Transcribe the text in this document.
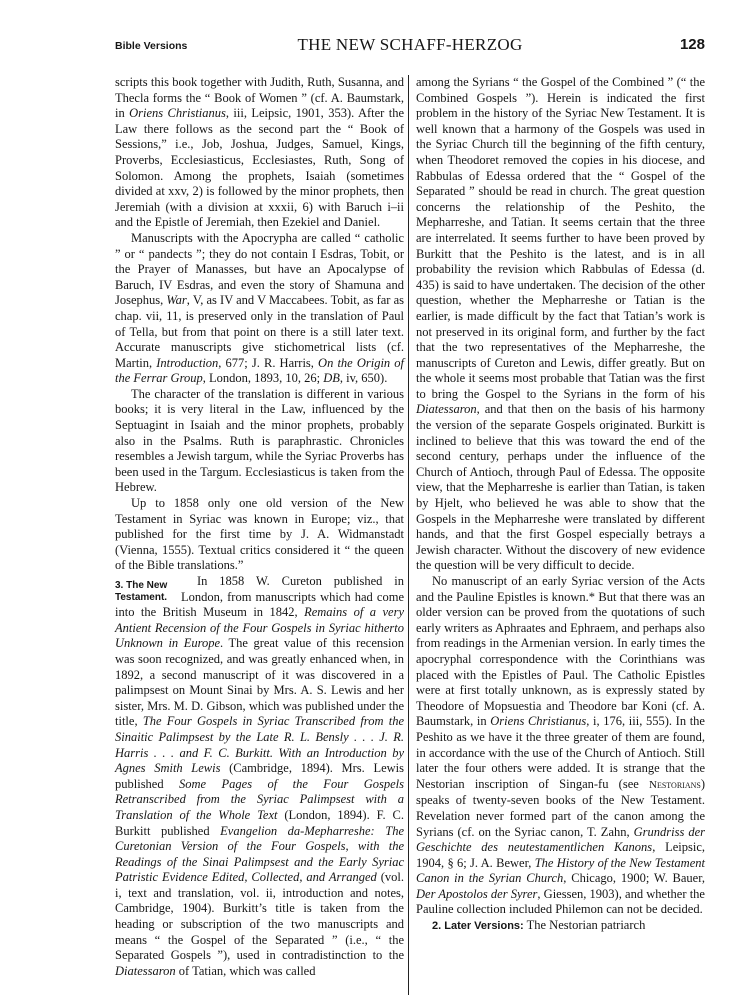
Bible Versions	THE NEW SCHAFF-HERZOG	128

scripts this book together with Judith, Ruth, Susanna, and Thecla forms the “ Book of Women ” (cf. A. Baumstark, in Oriens Christianus, iii, Leipsic, 1901, 353). After the Law there follows as the second part the “ Book of Sessions,” i.e., Job, Joshua, Judges, Samuel, Kings, Proverbs, Ecclesiasticus, Ecclesiastes, Ruth, Song of Solomon. Among the prophets, Isaiah (sometimes divided at xxv, 2) is followed by the minor prophets, then Jeremiah (with a division at xxxii, 6) with Baruch i–ii and the Epistle of Jeremiah, then Ezekiel and Daniel.

Manuscripts with the Apocrypha are called “ catholic ” or “ pandects ”; they do not contain I Esdras, Tobit, or the Prayer of Manasses, but have an Apocalypse of Baruch, IV Esdras, and even the story of Shamuna and Josephus, War, V, as IV and V Maccabees. Tobit, as far as chap. vii, 11, is preserved only in the translation of Paul of Tella, but from that point on there is a still later text. Accurate manuscripts give stichometrical lists (cf. Martin, Introduction, 677; J. R. Harris, On the Origin of the Ferrar Group, London, 1893, 10, 26; DB, iv, 650).

The character of the translation is different in various books; it is very literal in the Law, influenced by the Septuagint in Isaiah and the minor prophets, probably also in the Psalms. Ruth is paraphrastic. Chronicles resembles a Jewish targum, while the Syriac Proverbs has been used in the Targum. Ecclesiasticus is taken from the Hebrew.

Up to 1858 only one old version of the New Testament in Syriac was known in Europe; viz., that published for the first time by J. A. Widmanstadt (Vienna, 1555). Textual critics considered it “ the queen of the Bible translations.”

3. The New Testament.

In 1858 W. Cureton published in London, from manuscripts which had come into the British Museum in 1842, Remains of a very Antient Recension of the Four Gospels in Syriac hitherto Unknown in Europe. The great value of this recension was soon recognized, and was greatly enhanced when, in 1892, a second manuscript of it was discovered in a palimpsest on Mount Sinai by Mrs. A. S. Lewis and her sister, Mrs. M. D. Gibson, which was published under the title, The Four Gospels in Syriac Transcribed from the Sinaitic Palimpsest by the Late R. L. Bensly . . . J. R. Harris . . . and F. C. Burkitt. With an Introduction by Agnes Smith Lewis (Cambridge, 1894). Mrs. Lewis published Some Pages of the Four Gospels Retranscribed from the Syriac Palimpsest with a Translation of the Whole Text (London, 1894). F. C. Burkitt published Evangelion da-Mepharreshe: The Curetonian Version of the Four Gospels, with the Readings of the Sinai Palimpsest and the Early Syriac Patristic Evidence Edited, Collected, and Arranged (vol. i, text and translation, vol. ii, introduction and notes, Cambridge, 1904). Burkitt’s title is taken from the heading or subscription of the two manuscripts and means “ the Gospel of the Separated ” (i.e., “ the Separated Gospels ”), used in contradistinction to the Diatessaron of Tatian, which was called

among the Syrians “ the Gospel of the Combined ” (“ the Combined Gospels ”). Herein is indicated the first problem in the history of the Syriac New Testament. It is well known that a harmony of the Gospels was used in the Syriac Church till the beginning of the fifth century, when Theodoret removed the copies in his diocese, and Rabbulas of Edessa ordered that the “ Gospel of the Separated ” should be read in church. The great question concerns the relationship of the Peshito, the Mepharreshe, and Tatian. It seems certain that the three are interrelated. It seems further to have been proved by Burkitt that the Peshito is the latest, and is in all probability the revision which Rabbulas of Edessa (d. 435) is said to have undertaken. The decision of the other question, whether the Mepharreshe or Tatian is the earlier, is made difficult by the fact that Tatian’s work is not preserved in its original form, and further by the fact that the two representatives of the Mepharreshe, the manuscripts of Cureton and Lewis, differ greatly. But on the whole it seems most probable that Tatian was the first to bring the Gospel to the Syrians in the form of his Diatessaron, and that then on the basis of his harmony the version of the separate Gospels originated. Burkitt is inclined to believe that this was toward the end of the second century, perhaps under the influence of the Church of Antioch, through Paul of Edessa. The opposite view, that the Mepharreshe is earlier than Tatian, is taken by Hjelt, who believed he was able to show that the Gospels in the Mepharreshe were translated by different hands, and that the first Gospel especially betrays a Jewish character. Without the discovery of new evidence the question will be very difficult to decide.

No manuscript of an early Syriac version of the Acts and the Pauline Epistles is known.* But that there was an older version can be proved from the quotations of such early writers as Aphraates and Ephraem, and perhaps also from readings in the Armenian version. In early times the apocryphal correspondence with the Corinthians was placed with the Epistles of Paul. The Catholic Epistles were at first totally unknown, as is expressly stated by Theodore of Mopsuestia and Theodore bar Koni (cf. A. Baumstark, in Oriens Christianus, i, 176, iii, 555). In the Peshito as we have it the three greater of them are found, in accordance with the use of the Church of Antioch. Still later the four others were added. It is strange that the Nestorian inscription of Singan-fu (see Nestorians) speaks of twenty-seven books of the New Testament. Revelation never formed part of the canon among the Syrians (cf. on the Syriac canon, T. Zahn, Grundriss der Geschichte des neutestamentlichen Kanons, Leipsic, 1904, § 6; J. A. Bewer, The History of the New Testament Canon in the Syrian Church, Chicago, 1900; W. Bauer, Der Apostolos der Syrer, Giessen, 1903), and whether the Pauline collection included Philemon can not be decided.

2. Later Versions: The Nestorian patriarch
